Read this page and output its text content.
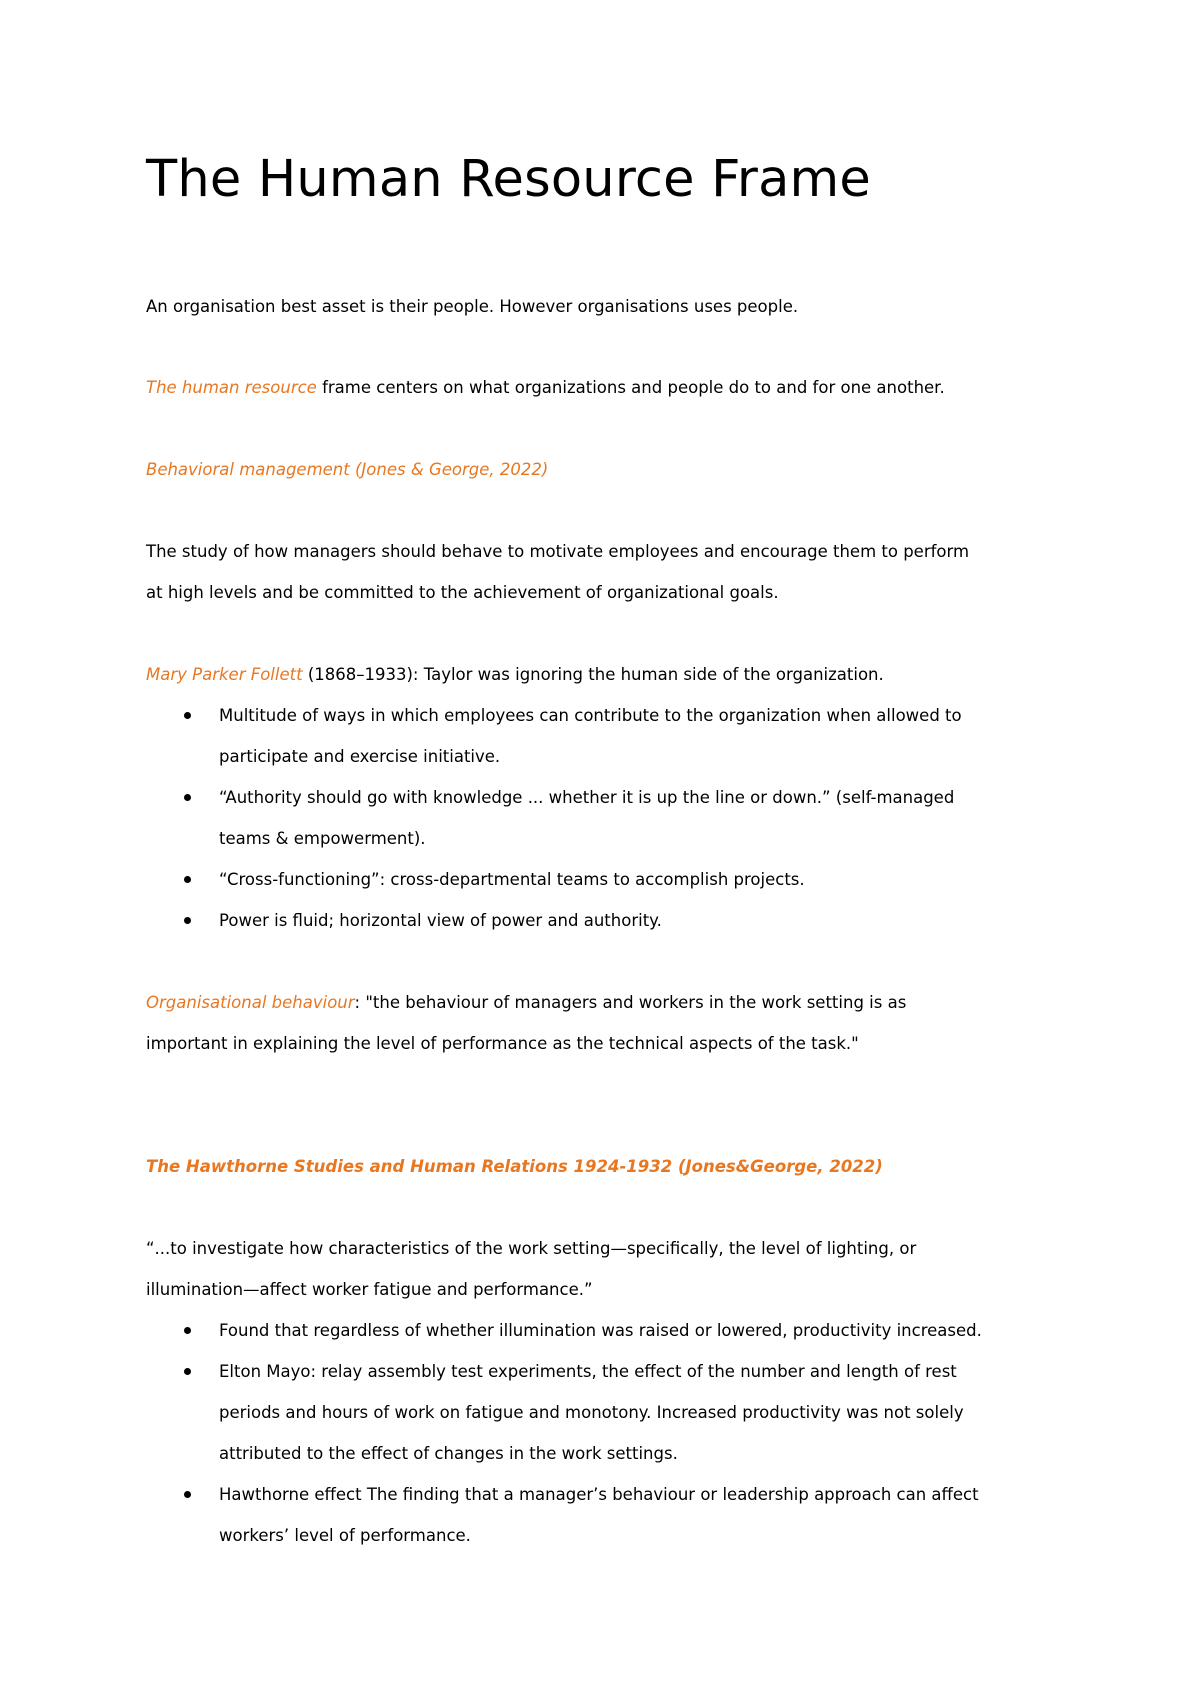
The Human Resource Frame

An organisation best asset is their people. However organisations uses people.

The human resource frame centers on what organizations and people do to and for one another.

Behavioral management (Jones & George, 2022)

The study of how managers should behave to motivate employees and encourage them to perform

at high levels and be committed to the achievement of organizational goals.

Mary Parker Follett (1868–1933): Taylor was ignoring the human side of the organization.

Multitude of ways in which employees can contribute to the organization when allowed to
participate and exercise initiative.
“Authority should go with knowledge ... whether it is up the line or down.” (self-managed
teams & empowerment).
“Cross-functioning”: cross-departmental teams to accomplish projects.
Power is fluid; horizontal view of power and authority.

Organisational behaviour: "the behaviour of managers and workers in the work setting is as

important in explaining the level of performance as the technical aspects of the task."

The Hawthorne Studies and Human Relations 1924-1932 (Jones&George, 2022)

“...to investigate how characteristics of the work setting—specifically, the level of lighting, or

illumination—affect worker fatigue and performance.”

Found that regardless of whether illumination was raised or lowered, productivity increased.
Elton Mayo: relay assembly test experiments, the effect of the number and length of rest
periods and hours of work on fatigue and monotony. Increased productivity was not solely
attributed to the effect of changes in the work settings.
Hawthorne effect The finding that a manager’s behaviour or leadership approach can affect
workers’ level of performance.
